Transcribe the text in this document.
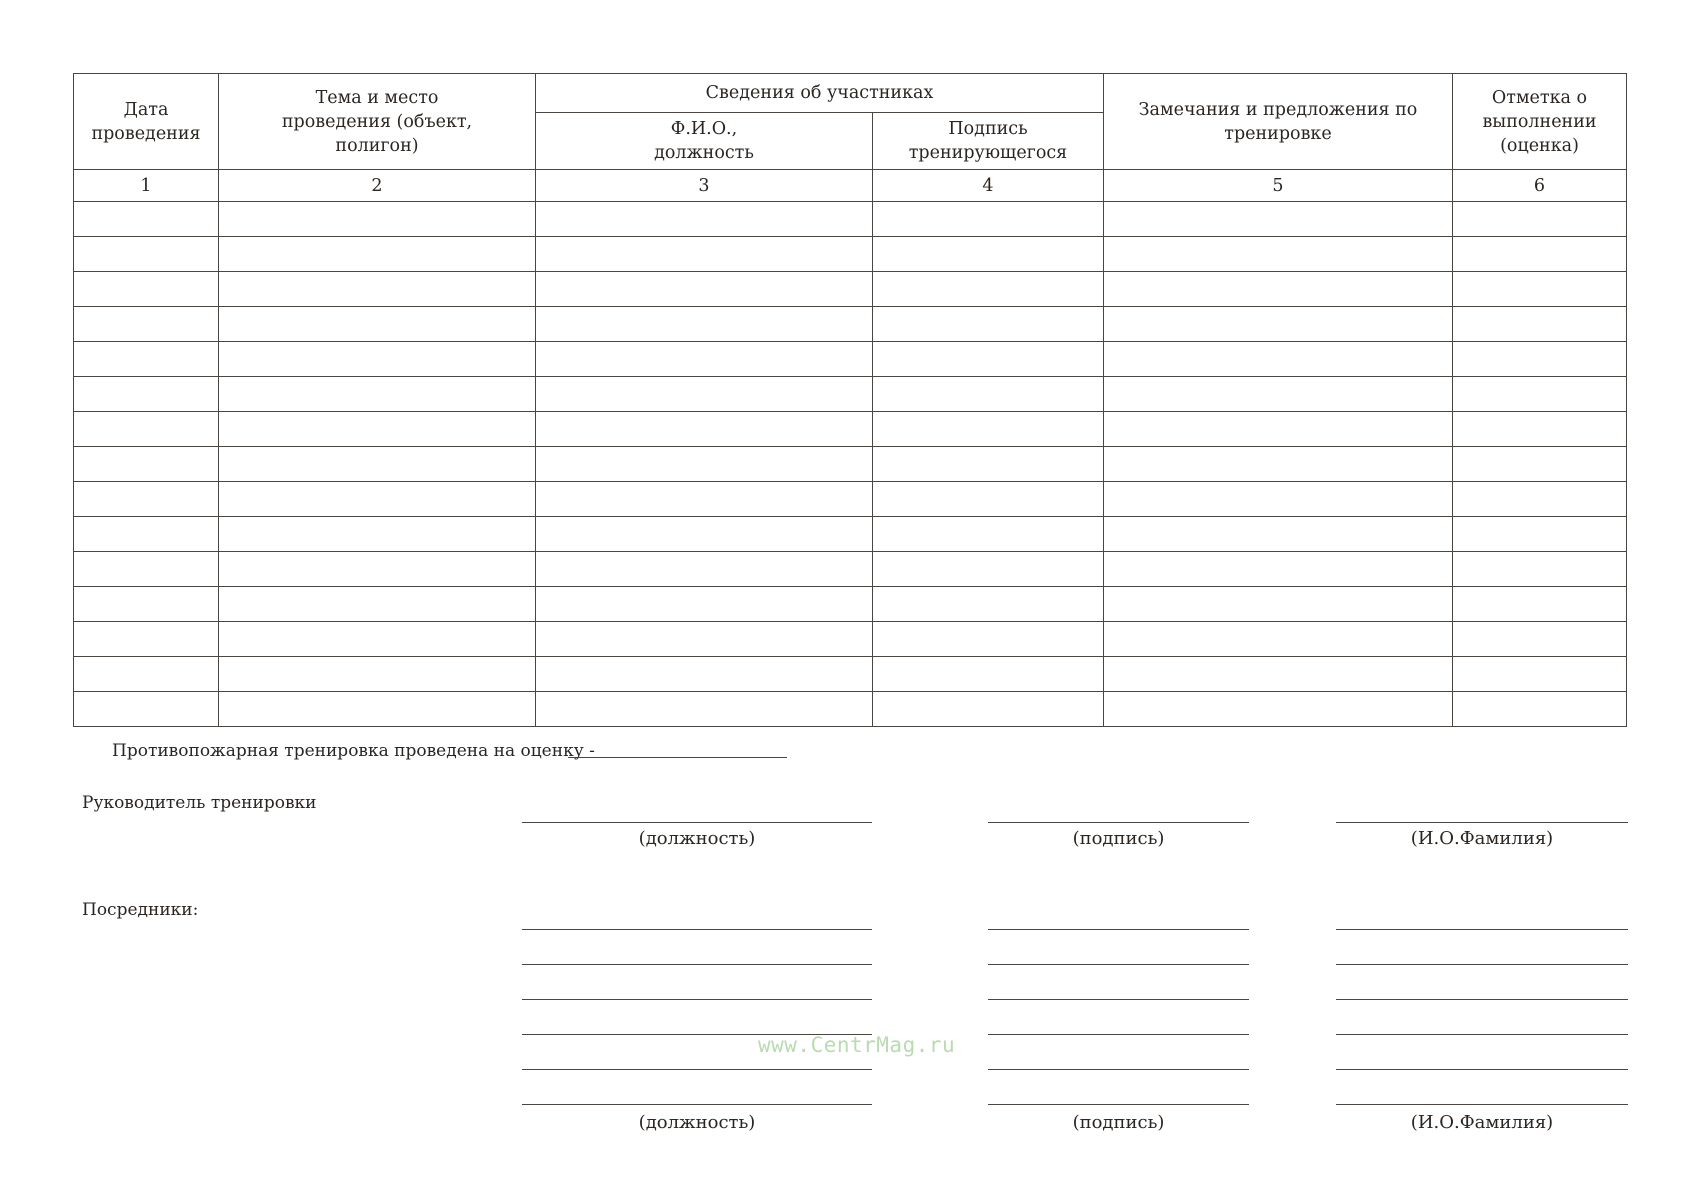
Дата проведения	Тема и место проведения (объект, полигон)	Сведения об участниках		Замечания и предложения по тренировке	Отметка о выполнении (оценка)
		Ф.И.О., должность	Подпись тренирующегося		
1	2	3	4	5	6

Противопожарная тренировка проведена на оценку -
Руководитель тренировки
(должность)	(подпись)	(И.О.Фамилия)
Посредники:
(должность)	(подпись)	(И.О.Фамилия)
www.CentrMag.ru
